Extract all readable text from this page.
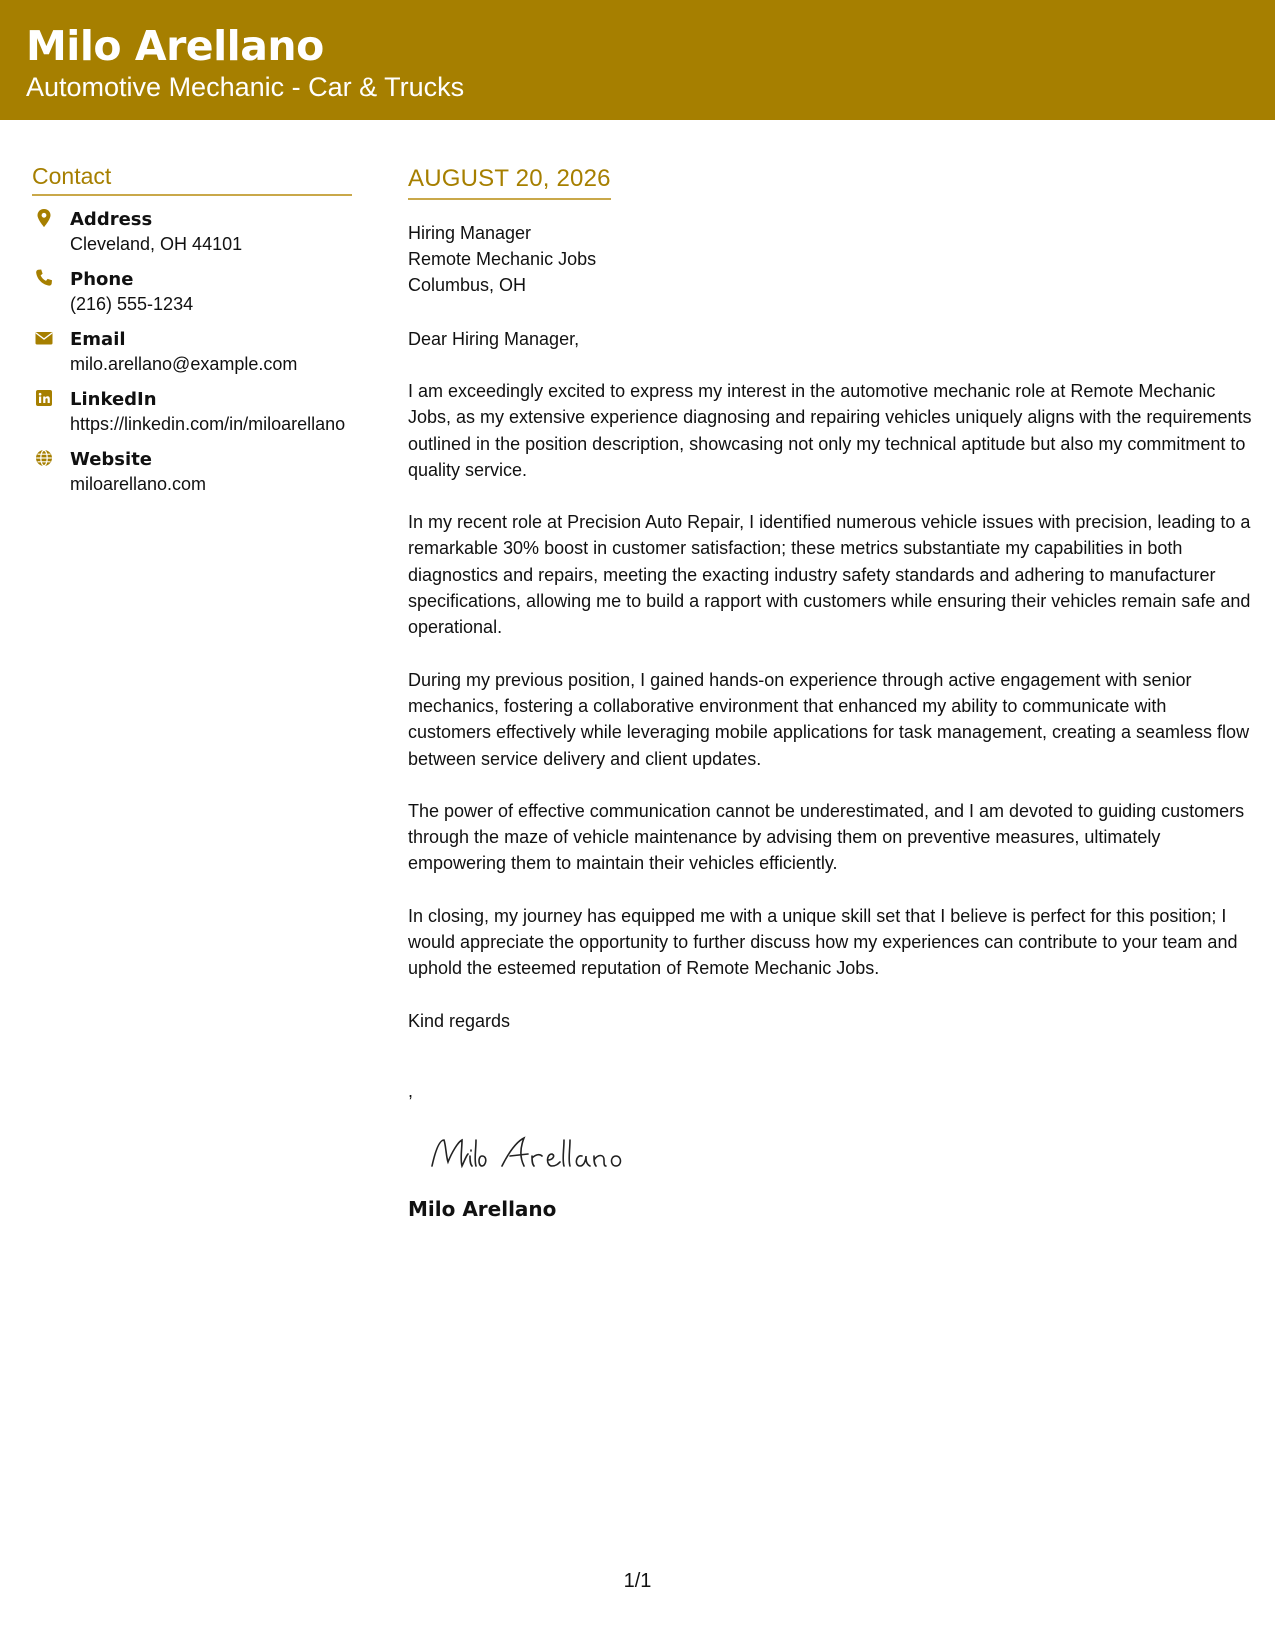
Milo Arellano
Automotive Mechanic - Car & Trucks
Contact
Address
Cleveland, OH 44101
Phone
(216) 555-1234
Email
milo.arellano@example.com
LinkedIn
https://linkedin.com/in/miloarellano
Website
miloarellano.com
AUGUST 20, 2026
Hiring Manager
Remote Mechanic Jobs
Columbus, OH
Dear Hiring Manager,
I am exceedingly excited to express my interest in the automotive mechanic role at Remote Mechanic Jobs, as my extensive experience diagnosing and repairing vehicles uniquely aligns with the requirements outlined in the position description, showcasing not only my technical aptitude but also my commitment to quality service.
In my recent role at Precision Auto Repair, I identified numerous vehicle issues with precision, leading to a remarkable 30% boost in customer satisfaction; these metrics substantiate my capabilities in both diagnostics and repairs, meeting the exacting industry safety standards and adhering to manufacturer specifications, allowing me to build a rapport with customers while ensuring their vehicles remain safe and operational.
During my previous position, I gained hands-on experience through active engagement with senior mechanics, fostering a collaborative environment that enhanced my ability to communicate with customers effectively while leveraging mobile applications for task management, creating a seamless flow between service delivery and client updates.
The power of effective communication cannot be underestimated, and I am devoted to guiding customers through the maze of vehicle maintenance by advising them on preventive measures, ultimately empowering them to maintain their vehicles efficiently.
In closing, my journey has equipped me with a unique skill set that I believe is perfect for this position; I would appreciate the opportunity to further discuss how my experiences can contribute to your team and uphold the esteemed reputation of Remote Mechanic Jobs.
Kind regards
,
Milo Arellano
1/1
